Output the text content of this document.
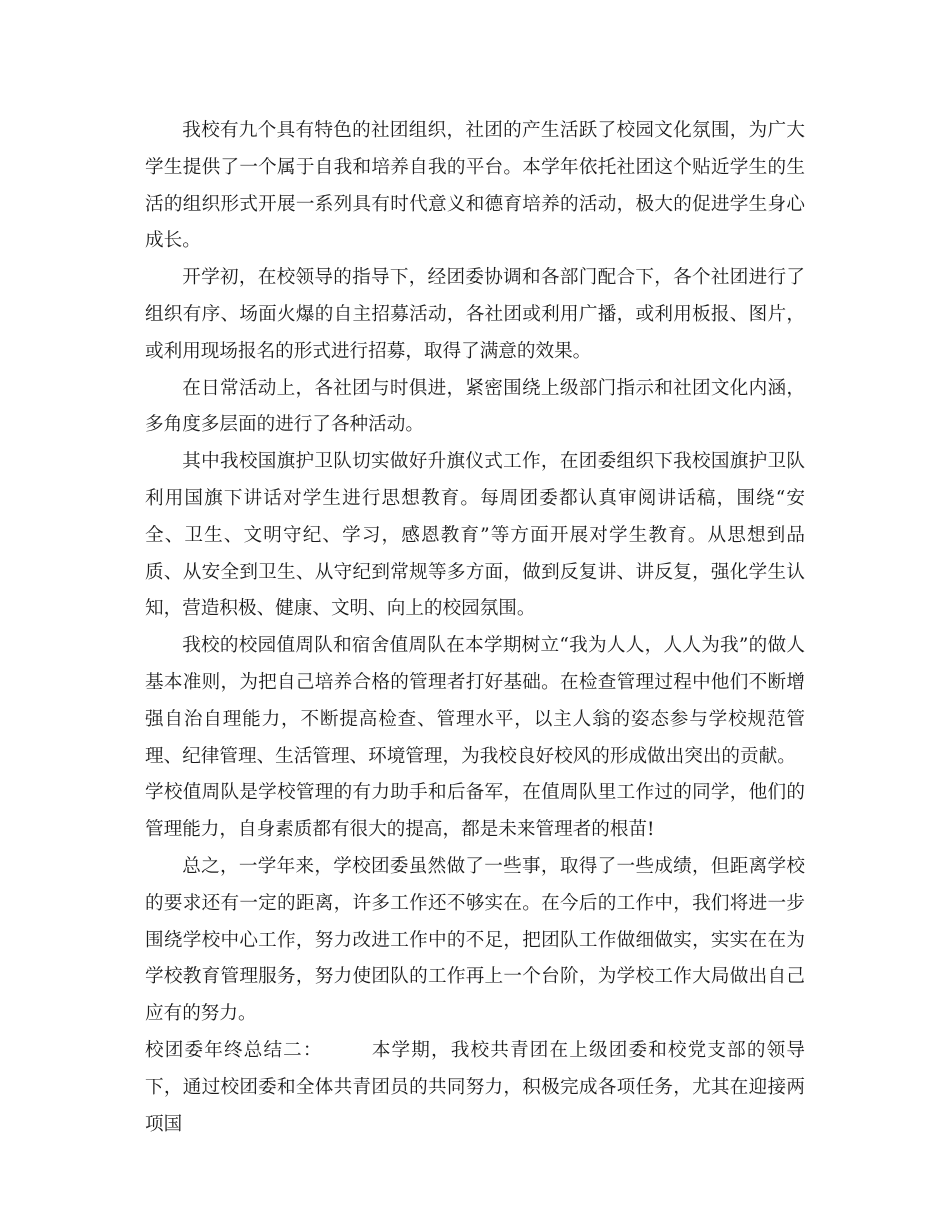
我校有九个具有特色的社团组织，社团的产生活跃了校园文化氛围，为广大学生提供了一个属于自我和培养自我的平台。本学年依托社团这个贴近学生的生活的组织形式开展一系列具有时代意义和德育培养的活动，极大的促进学生身心成长。

开学初，在校领导的指导下，经团委协调和各部门配合下，各个社团进行了组织有序、场面火爆的自主招募活动，各社团或利用广播，或利用板报、图片，或利用现场报名的形式进行招募，取得了满意的效果。

在日常活动上，各社团与时俱进，紧密围绕上级部门指示和社团文化内涵，多角度多层面的进行了各种活动。

其中我校国旗护卫队切实做好升旗仪式工作，在团委组织下我校国旗护卫队利用国旗下讲话对学生进行思想教育。每周团委都认真审阅讲话稿，围绕“安全、卫生、文明守纪、学习，感恩教育”等方面开展对学生教育。从思想到品质、从安全到卫生、从守纪到常规等多方面，做到反复讲、讲反复，强化学生认知，营造积极、健康、文明、向上的校园氛围。

我校的校园值周队和宿舍值周队在本学期树立“我为人人，人人为我”的做人基本准则，为把自己培养合格的管理者打好基础。在检查管理过程中他们不断增强自治自理能力，不断提高检查、管理水平，以主人翁的姿态参与学校规范管理、纪律管理、生活管理、环境管理，为我校良好校风的形成做出突出的贡献。

学校值周队是学校管理的有力助手和后备军，在值周队里工作过的同学，他们的管理能力，自身素质都有很大的提高，都是未来管理者的根苗!

总之，一学年来，学校团委虽然做了一些事，取得了一些成绩，但距离学校的要求还有一定的距离，许多工作还不够实在。在今后的工作中，我们将进一步围绕学校中心工作，努力改进工作中的不足，把团队工作做细做实，实实在在为学校教育管理服务，努力使团队的工作再上一个台阶，为学校工作大局做出自己应有的努力。

校团委年终总结二：	本学期，我校共青团在上级团委和校党支部的领导下，通过校团委和全体共青团员的共同努力，积极完成各项任务，尤其在迎接两项国
